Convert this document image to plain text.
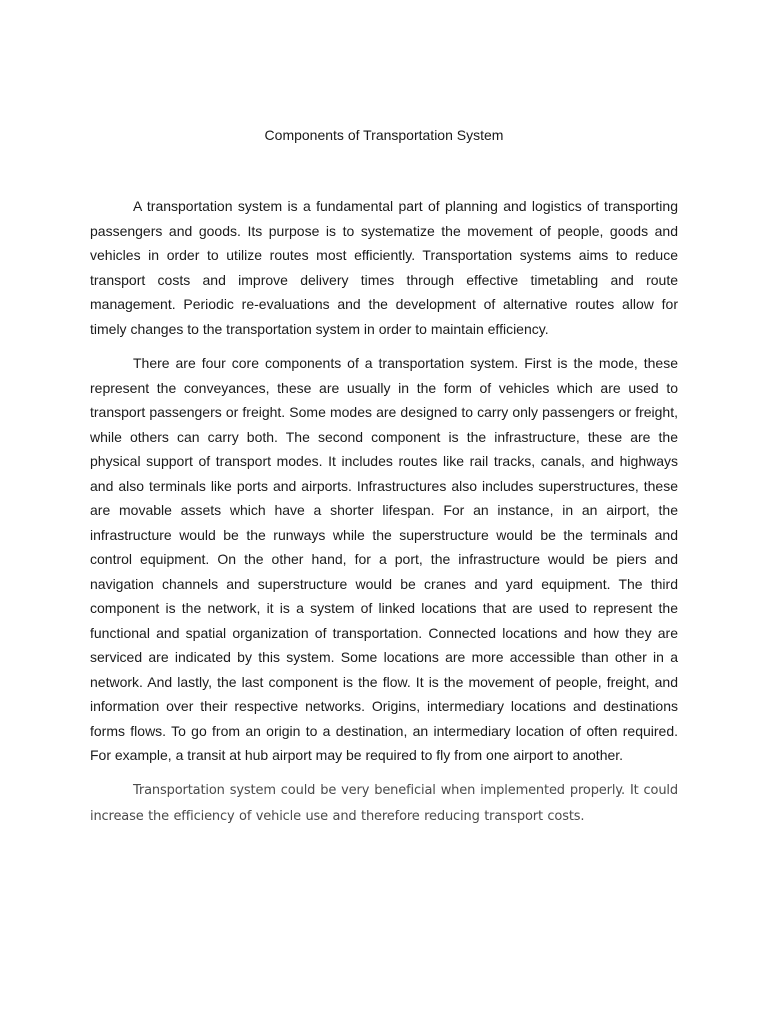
Components of Transportation System

A transportation system is a fundamental part of planning and logistics of transporting passengers and goods. Its purpose is to systematize the movement of people, goods and vehicles in order to utilize routes most efficiently. Transportation systems aims to reduce transport costs and improve delivery times through effective timetabling and route management. Periodic re-evaluations and the development of alternative routes allow for timely changes to the transportation system in order to maintain efficiency.

There are four core components of a transportation system. First is the mode, these represent the conveyances, these are usually in the form of vehicles which are used to transport passengers or freight. Some modes are designed to carry only passengers or freight, while others can carry both. The second component is the infrastructure, these are the physical support of transport modes. It includes routes like rail tracks, canals, and highways and also terminals like ports and airports. Infrastructures also includes superstructures, these are movable assets which have a shorter lifespan. For an instance, in an airport, the infrastructure would be the runways while the superstructure would be the terminals and control equipment. On the other hand, for a port, the infrastructure would be piers and navigation channels and superstructure would be cranes and yard equipment. The third component is the network, it is a system of linked locations that are used to represent the functional and spatial organization of transportation. Connected locations and how they are serviced are indicated by this system. Some locations are more accessible than other in a network. And lastly, the last component is the flow. It is the movement of people, freight, and information over their respective networks. Origins, intermediary locations and destinations forms flows. To go from an origin to a destination, an intermediary location of often required. For example, a transit at hub airport may be required to fly from one airport to another.

Transportation system could be very beneficial when implemented properly. It could increase the efficiency of vehicle use and therefore reducing transport costs.
